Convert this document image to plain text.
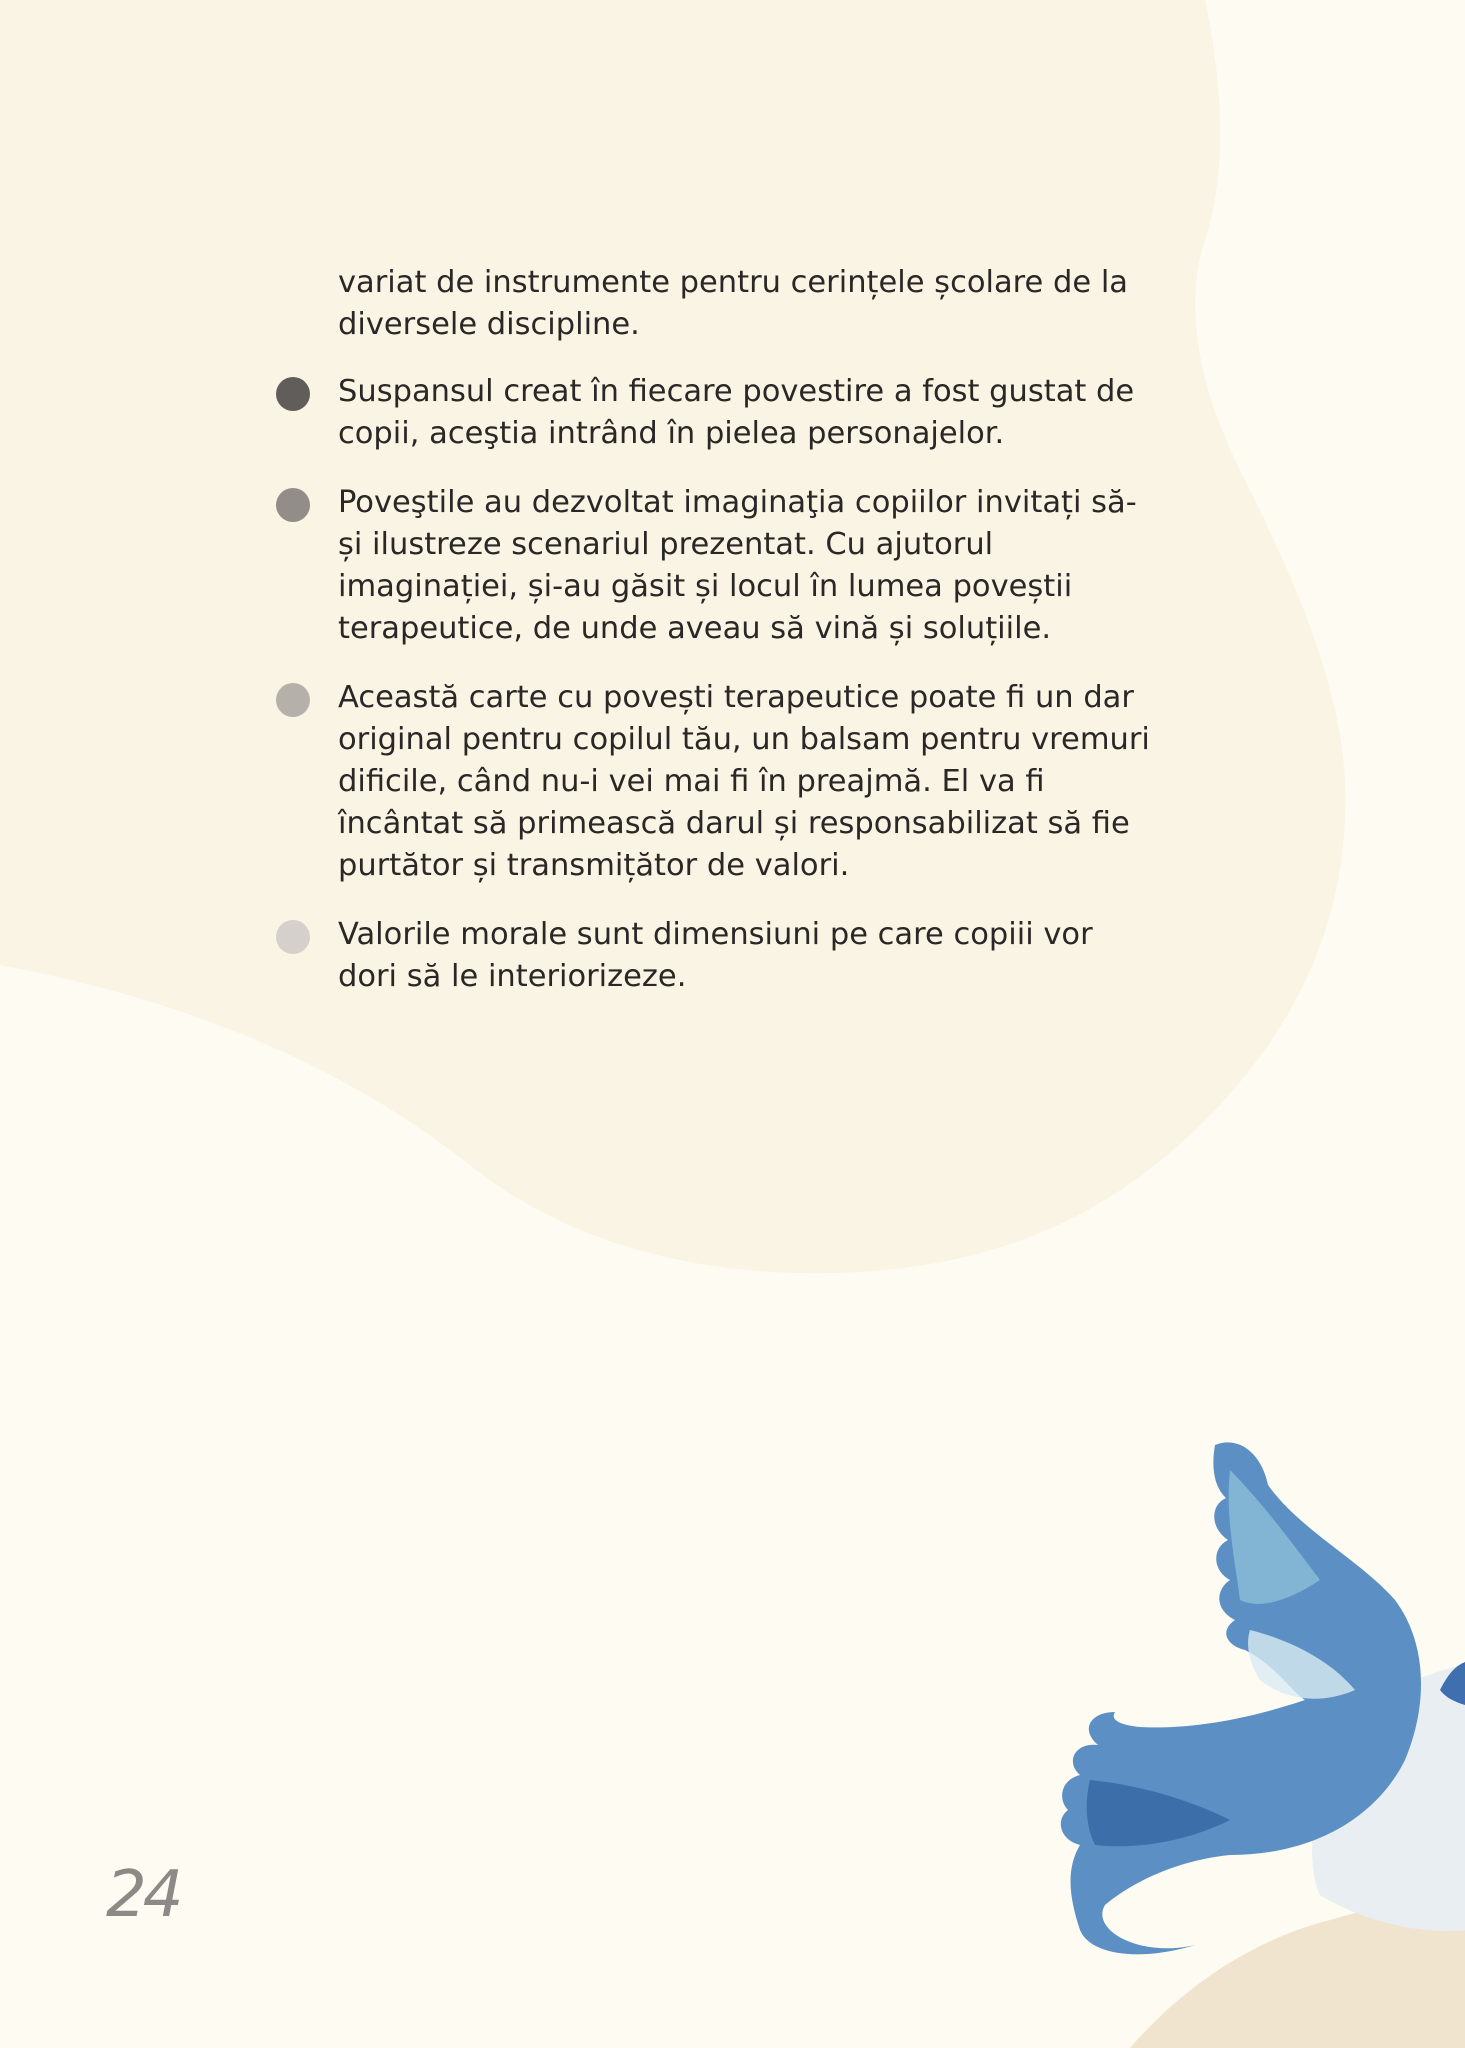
variat de instrumente pentru cerințele școlare de la diversele discipline.

Suspansul creat în fiecare povestire a fost gustat de copii, aceştia intrând în pielea personajelor.

Poveştile au dezvoltat imaginaţia copiilor invitați să-și ilustreze scenariul prezentat. Cu ajutorul imaginației, și-au găsit și locul în lumea poveștii terapeutice, de unde aveau să vină și soluțiile.

Această carte cu povești terapeutice poate fi un dar original pentru copilul tău, un balsam pentru vremuri dificile, când nu-i vei mai fi în preajmă. El va fi încântat să primească darul și responsabilizat să fie purtător și transmițător de valori.

Valorile morale sunt dimensiuni pe care copiii vor dori să le interiorizeze.

24
